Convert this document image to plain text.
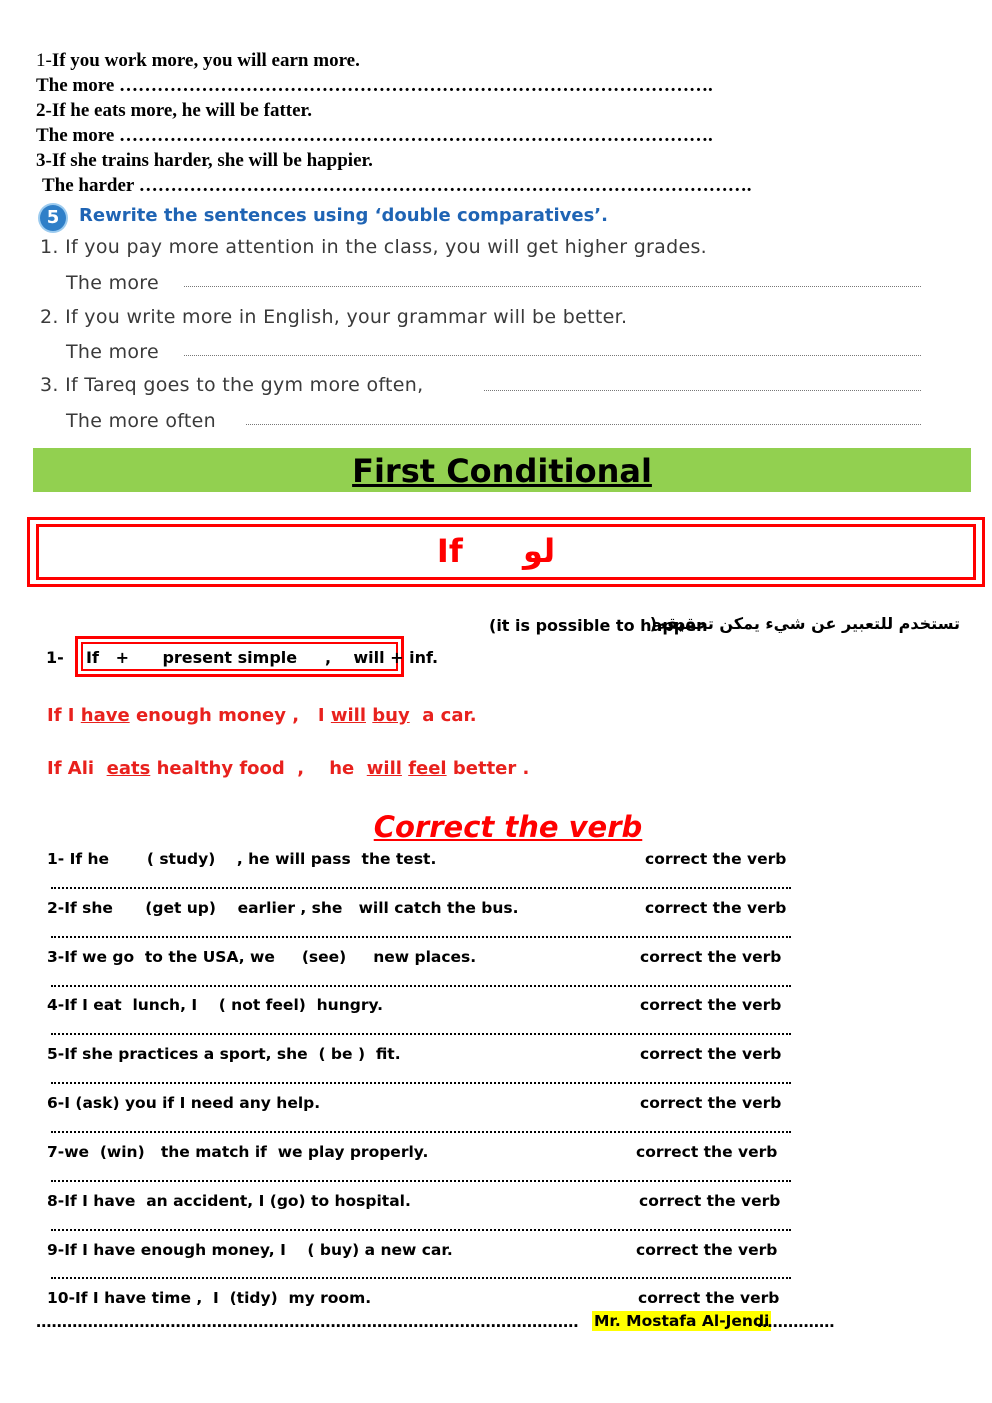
1-If you work more, you will earn more.
The more ………………………………………………………………………………….
2-If he eats more, he will be fatter.
The more ………………………………………………………………………………….
3-If she trains harder, she will be happier.
The harder …………………………………………………………………………………….
5	Rewrite the sentences using ‘double comparatives’.
1. If you pay more attention in the class, you will get higher grades.
The more
2. If you write more in English, your grammar will be better.
The more
3. If Tareq goes to the gym more often,
The more often
First Conditional
If لو
(it is possible to happen
تستخدم للتعبير عن شيء يمكن تحقيقه(
1- If   +      present simple     ,    will + inf.
If I have enough money ,   I will buy  a car.
If Ali  eats healthy food  ,    he  will feel better .
Correct the verb
1- If he       ( study)    , he will pass  the test.	correct the verb
2-If she      (get up)    earlier , she   will catch the bus.	correct the verb
3-If we go  to the USA, we     (see)     new places.	correct the verb
4-If I eat  lunch, I    ( not feel)  hungry.	correct the verb
5-If she practices a sport, she  ( be )  fit.	correct the verb
6-I (ask) you if I need any help.	correct the verb
7-we  (win)   the match if  we play properly.	correct the verb
8-If I have  an accident, I (go) to hospital.	correct the verb
9-If I have enough money, I    ( buy) a new car.	correct the verb
10-If I have time ,  I  (tidy)  my room.	correct the verb
……………………………………………………………………………………………	Mr. Mostafa Al-Jendi
……………
